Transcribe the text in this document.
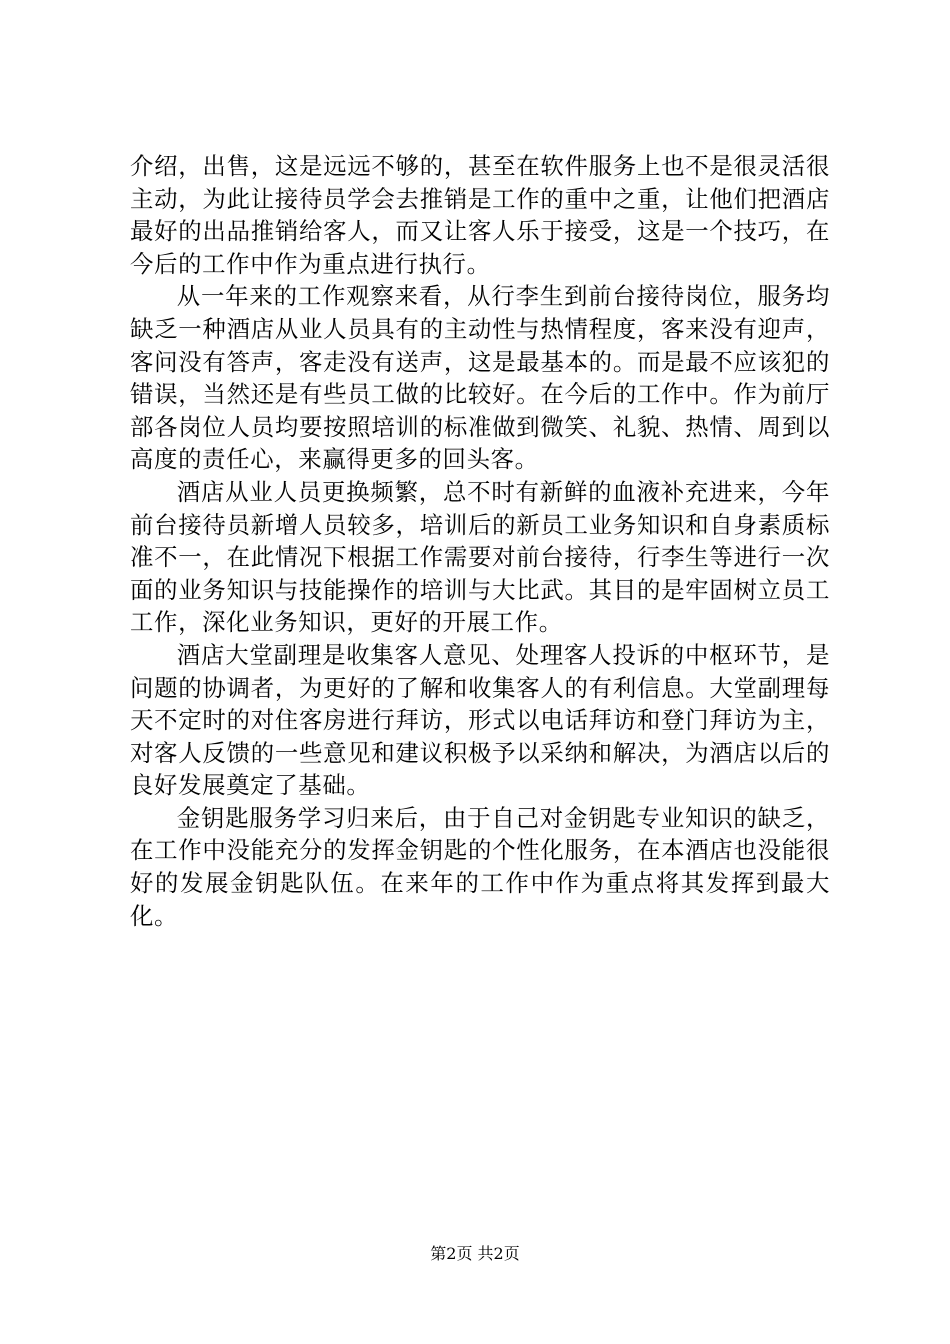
介绍，出售，这是远远不够的，甚至在软件服务上也不是很灵活很主动，为此让接待员学会去推销是工作的重中之重，让他们把酒店最好的出品推销给客人，而又让客人乐于接受，这是一个技巧，在今后的工作中作为重点进行执行。

从一年来的工作观察来看，从行李生到前台接待岗位，服务均缺乏一种酒店从业人员具有的主动性与热情程度，客来没有迎声，客问没有答声，客走没有送声，这是最基本的。而是最不应该犯的错误，当然还是有些员工做的比较好。在今后的工作中。作为前厅部各岗位人员均要按照培训的标准做到微笑、礼貌、热情、周到以高度的责任心，来赢得更多的回头客。

酒店从业人员更换频繁，总不时有新鲜的血液补充进来，今年前台接待员新增人员较多，培训后的新员工业务知识和自身素质标准不一，在此情况下根据工作需要对前台接待，行李生等进行一次面的业务知识与技能操作的培训与大比武。其目的是牢固树立员工工作，深化业务知识，更好的开展工作。

酒店大堂副理是收集客人意见、处理客人投诉的中枢环节，是问题的协调者，为更好的了解和收集客人的有利信息。大堂副理每天不定时的对住客房进行拜访，形式以电话拜访和登门拜访为主，对客人反馈的一些意见和建议积极予以采纳和解决，为酒店以后的良好发展奠定了基础。

金钥匙服务学习归来后，由于自己对金钥匙专业知识的缺乏，在工作中没能充分的发挥金钥匙的个性化服务，在本酒店也没能很好的发展金钥匙队伍。在来年的工作中作为重点将其发挥到最大化。

第2页 共2页
